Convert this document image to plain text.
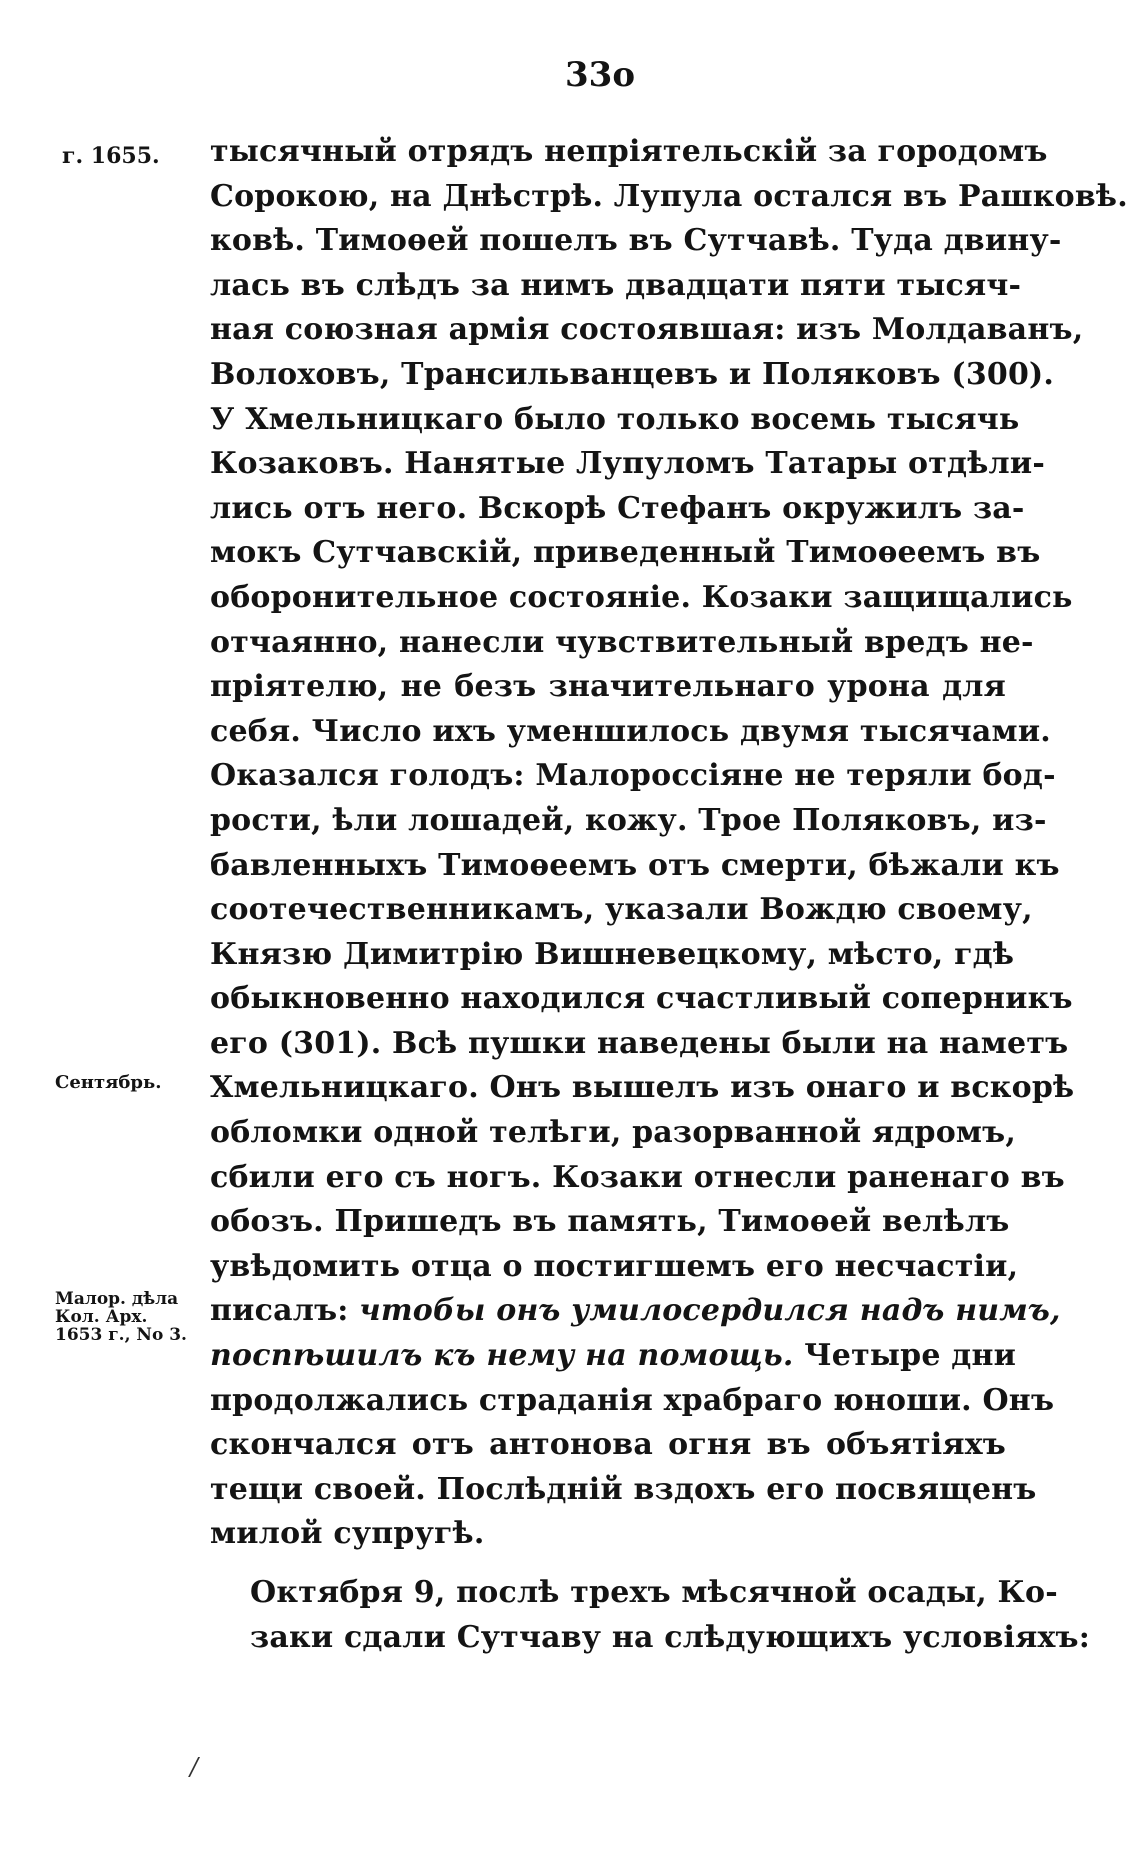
33o
г. 1655.
Сентябрь.
Малор. дѣла
Кол. Арх.
1653 г., No 3.
тысячный отрядъ непріятельскій за городомъ
Сорокою, на Днѣстрѣ. Лупула остался въ Рашковѣ.
ковѣ. Тимоѳей пошелъ въ Сутчавѣ. Туда двину-
лась въ слѣдъ за нимъ двадцати пяти тысяч-
ная союзная армія состоявшая: изъ Молдаванъ,
Волоховъ, Трансильванцевъ и Поляковъ (300).
У Хмельницкаго было только восемь тысячь
Козаковъ. Нанятые Лупуломъ Татары отдѣли-
лись отъ него. Вскорѣ Стефанъ окружилъ за-
мокъ Сутчавскій, приведенный Тимоѳеемъ въ
оборонительное состояніе. Козаки защищались
отчаянно, нанесли чувствительный вредъ не-
пріятелю, не безъ значительнаго урона для
себя. Число ихъ уменшилось двумя тысячами.
Оказался голодъ: Малороссіяне не теряли бод-
рости, ѣли лошадей, кожу. Трое Поляковъ, из-
бавленныхъ Тимоѳеемъ отъ смерти, бѣжали къ
соотечественникамъ, указали Вождю своему,
Князю Димитрію Вишневецкому, мѣсто, гдѣ
обыкновенно находился счастливый соперникъ
его (301). Всѣ пушки наведены были на наметъ
Хмельницкаго. Онъ вышелъ изъ онаго и вскорѣ
обломки одной телѣги, разорванной ядромъ,
сбили его съ ногъ. Козаки отнесли раненаго въ
обозъ. Пришедъ въ память, Тимоѳей велѣлъ
увѣдомить отца о постигшемъ его несчастіи,
писалъ: чтобы онъ умилосердился надъ нимъ,
поспѣшилъ къ нему на помощь. Четыре дни
продолжались страданія храбраго юноши. Онъ
скончался отъ антонова огня въ объятіяхъ
тещи своей. Послѣдній вздохъ его посвященъ
милой супругѣ.
Октября 9, послѣ трехъ мѣсячной осады, Ко-
заки сдали Сутчаву на слѣдующихъ условіяхъ:
/
